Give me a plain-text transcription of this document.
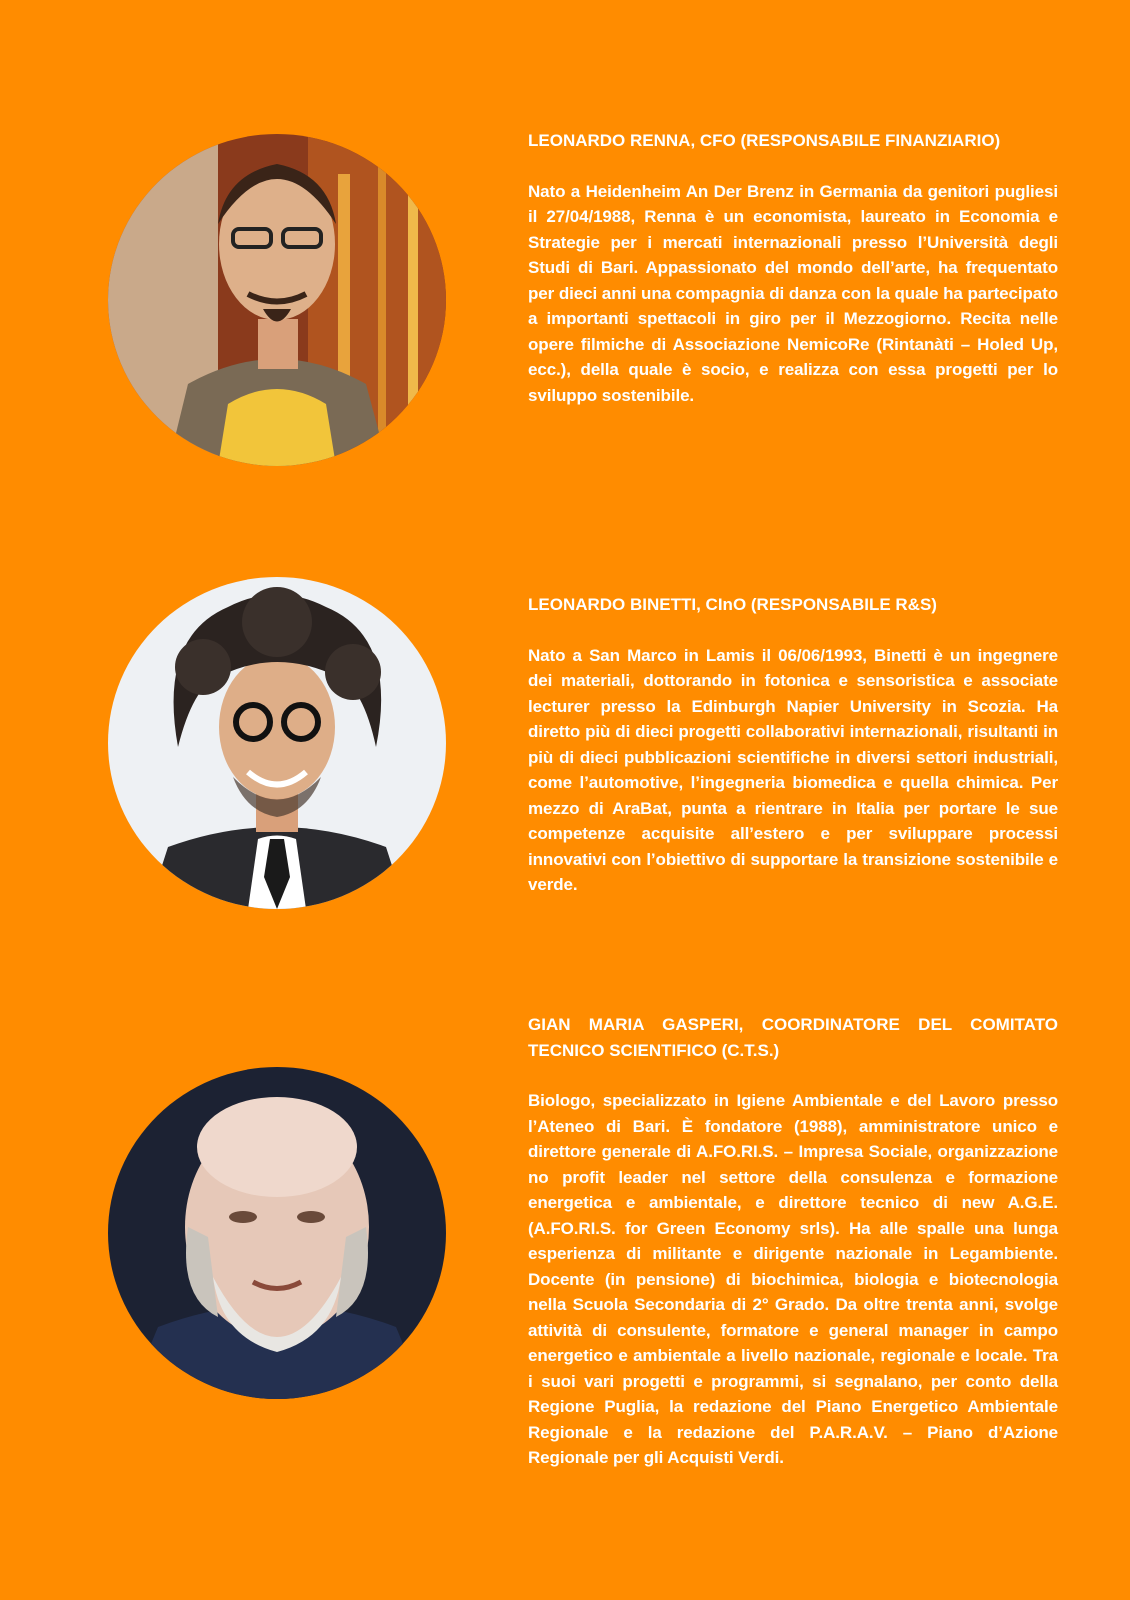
LEONARDO RENNA, CFO (RESPONSABILE FINANZIARIO)

Nato a Heidenheim An Der Brenz in Germania da genitori pugliesi il 27/04/1988, Renna è un economista, laureato in Economia e Strategie per i mercati internazionali presso l’Università degli Studi di Bari. Appassionato del mondo dell’arte, ha frequentato per dieci anni una compagnia di danza con la quale ha partecipato a importanti spettacoli in giro per il Mezzogiorno. Recita nelle opere filmiche di Associazione NemicoRe (Rintanàti – Holed Up, ecc.), della quale è socio, e realizza con essa progetti per lo sviluppo sostenibile.

LEONARDO BINETTI, CInO (RESPONSABILE R&S)

Nato a San Marco in Lamis il 06/06/1993, Binetti è un ingegnere dei materiali, dottorando in fotonica e sensoristica e associate lecturer presso la Edinburgh Napier University in Scozia. Ha diretto più di dieci progetti collaborativi internazionali, risultanti in più di dieci pubblicazioni scientifiche in diversi settori industriali, come l’automotive, l’ingegneria biomedica e quella chimica. Per mezzo di AraBat, punta a rientrare in Italia per portare le sue competenze acquisite all’estero e per sviluppare processi innovativi con l’obiettivo di supportare la transizione sostenibile e verde.

GIAN MARIA GASPERI, COORDINATORE DEL COMITATO TECNICO SCIENTIFICO (C.T.S.)

Biologo, specializzato in Igiene Ambientale e del Lavoro presso l’Ateneo di Bari. È fondatore (1988), amministratore unico e direttore generale di A.FO.RI.S. – Impresa Sociale, organizzazione no profit leader nel settore della consulenza e formazione energetica e ambientale, e direttore tecnico di new A.G.E. (A.FO.RI.S. for Green Economy srls). Ha alle spalle una lunga esperienza di militante e dirigente nazionale in Legambiente. Docente (in pensione) di biochimica, biologia e biotecnologia nella Scuola Secondaria di 2° Grado. Da oltre trenta anni, svolge attività di consulente, formatore e general manager in campo energetico e ambientale a livello nazionale, regionale e locale. Tra i suoi vari progetti e programmi, si segnalano, per conto della Regione Puglia, la redazione del Piano Energetico Ambientale Regionale e la redazione del P.A.R.A.V. – Piano d’Azione Regionale per gli Acquisti Verdi.
